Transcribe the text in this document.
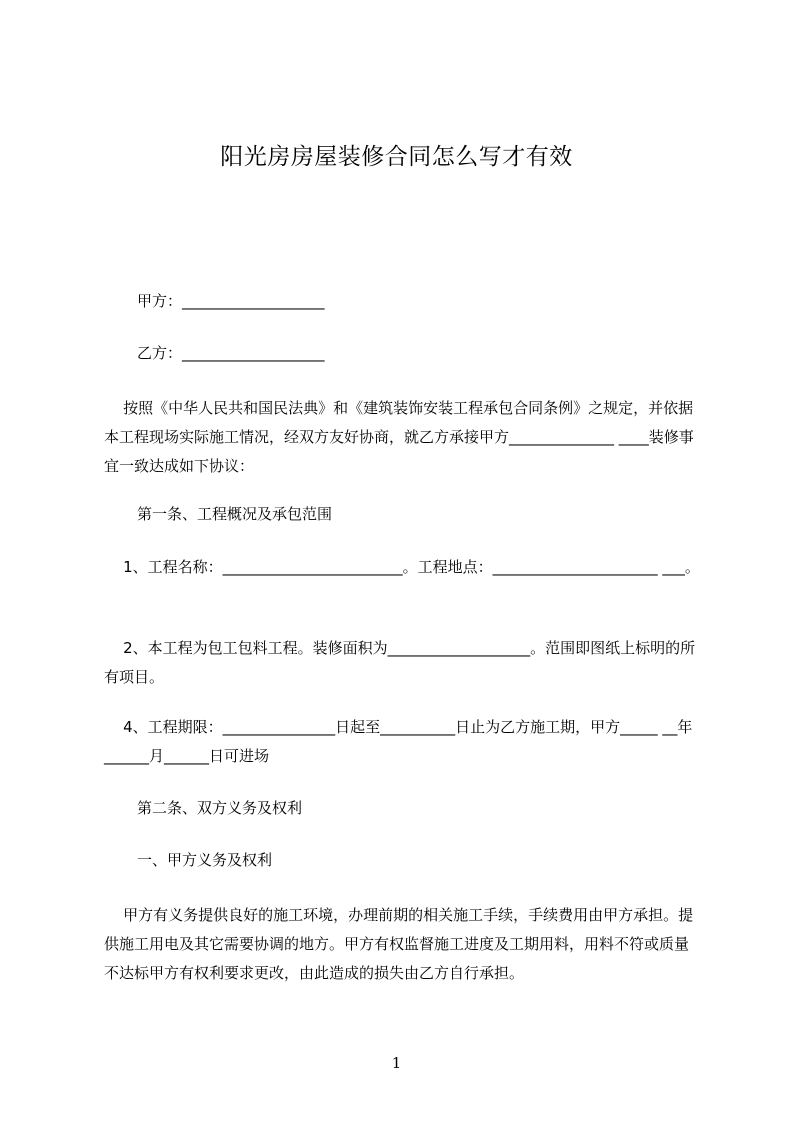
阳光房房屋装修合同怎么写才有效

甲方：___________________

乙方：___________________

按照《中华人民共和国民法典》和《建筑装饰安装工程承包合同条例》之规定，并依据本工程现场实际施工情况，经双方友好协商，就乙方承接甲方______________ ____装修事宜一致达成如下协议：

第一条、工程概况及承包范围

1、工程名称：________________________。工程地点：______________________ ___。

2、本工程为包工包料工程。装修面积为___________________。范围即图纸上标明的所有项目。

4、工程期限：_______________日起至__________日止为乙方施工期，甲方_____ __年______月______日可进场

第二条、双方义务及权利

一、甲方义务及权利

甲方有义务提供良好的施工环境，办理前期的相关施工手续，手续费用由甲方承担。提供施工用电及其它需要协调的地方。甲方有权监督施工进度及工期用料，用料不符或质量不达标甲方有权利要求更改，由此造成的损失由乙方自行承担。

1
